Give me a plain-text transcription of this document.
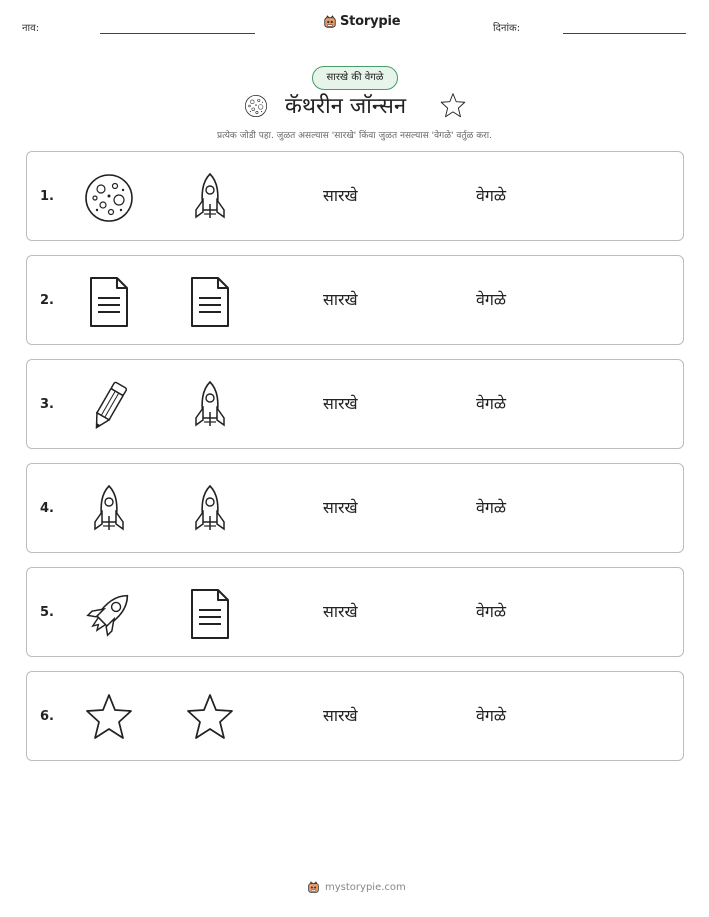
नाव:	Storypie	दिनांक:
सारखे की वेगळे
कॅथरीन जॉन्सन
प्रत्येक जोडी पहा. जुळत असल्यास 'सारखे' किंवा जुळत नसल्यास 'वेगळे' वर्तुळ करा.
1.	सारखे	वेगळे
2.	सारखे	वेगळे
3.	सारखे	वेगळे
4.	सारखे	वेगळे
5.	सारखे	वेगळे
6.	सारखे	वेगळे
mystorypie.com
